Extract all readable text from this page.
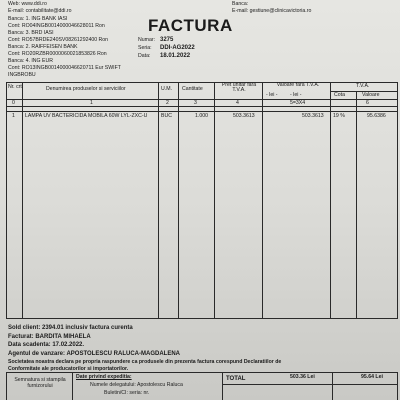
Web: www.ddi.ro
E-mail: contabilitate@ddi.ro
Banca: 1. ING BANK IASI
Cont: RO04INGB0014000046628011 Ron
Banca: 3. BRD IASI
Cont: RO57BRDE240SV08261292400 Ron
Banca: 2. RAIFFEISEN BANK
Cont: RO20RZBR0000060021853826 Ron
Banca: 4. ING EUR
Cont: RO13INGB0014000046620711 Eur SWIFT
INGBROBU
Banca:
E-mail: gestiune@clinicavictoria.ro
FACTURA
Numar: 3275
Seria: DDI-AG2022
Data: 18.01.2022
Nr. crt.	Denumirea produselor si serviciilor	U.M. Cantitate
Pret unitar fara T.V.A.
- lei -
Valoare fara T.V.A.
- lei -
T.V.A.
Cota	Valoare
0	1	2	3	4	5=3X4	6
1 LAMPA UV BACTERICIDA MOBILA 60W LYL-ZXC-U	BUC	1.000	503.3613	503.3613 19 %	95.6386
Sold client: 2394.01 inclusiv factura curenta
Facturat: BARDITA MIHAELA
Data scadenta: 17.02.2022.
Agentul de vanzare: APOSTOLESCU RALUCA-MAGDALENA
Societatea noastra declara pe propria raspundere ca produsele din prezenta factura corespund Declaratiilor de
Conformitate ale producatorilor si importatorilor.
Semnatura si stampila furnizorului
Date privind expeditia:
Numele delegatului: Apostolescu Raluca
Buletin/CI: seria: nr.
TOTAL	503.36 Lei	95.64 Lei
